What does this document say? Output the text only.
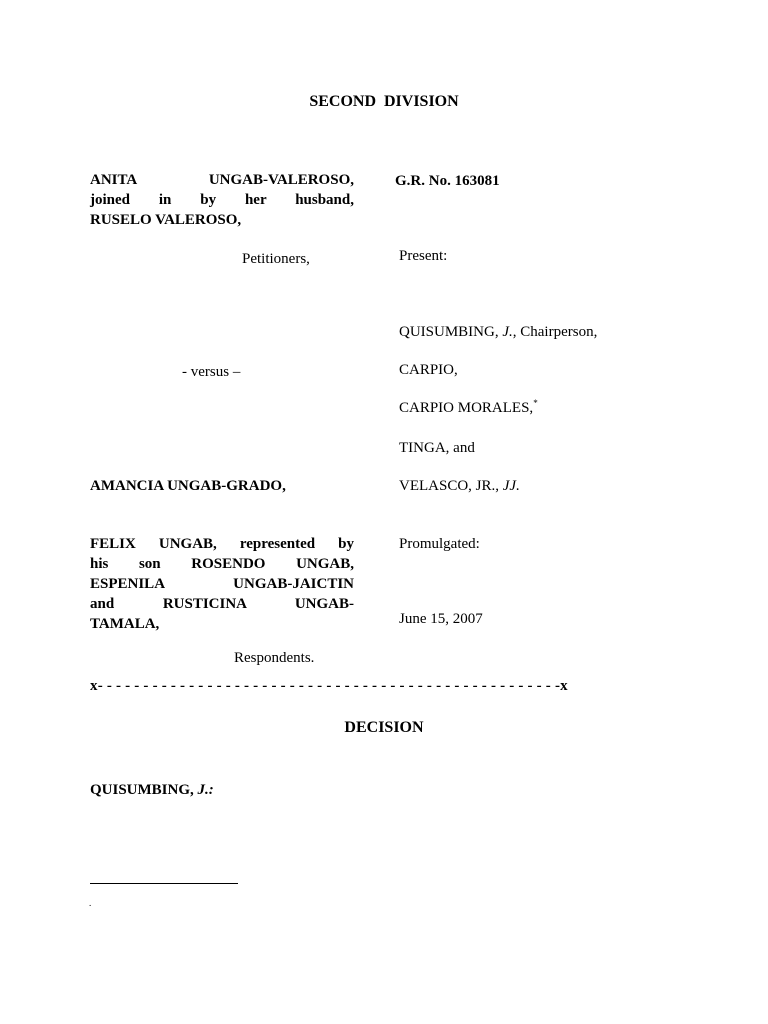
SECOND DIVISION
ANITA UNGAB-VALEROSO,
joined in by her husband,
RUSELO VALEROSO,
G.R. No. 163081
Petitioners,	Present:
QUISUMBING, J., Chairperson,
- versus –	CARPIO,
CARPIO MORALES,*
TINGA, and
AMANCIA UNGAB-GRADO,	VELASCO, JR., JJ.
FELIX UNGAB, represented by
his son ROSENDO UNGAB,
ESPENILA UNGAB-JAICTIN
and RUSTICINA UNGAB-
TAMALA,
Promulgated:
June 15, 2007
Respondents.
x- - - - - - - - - - - - - - - - - - - - - - - - - - - - - - - - - - - - - - - - - - - - - - - - - - -x
DECISION
QUISUMBING, J.:
.
